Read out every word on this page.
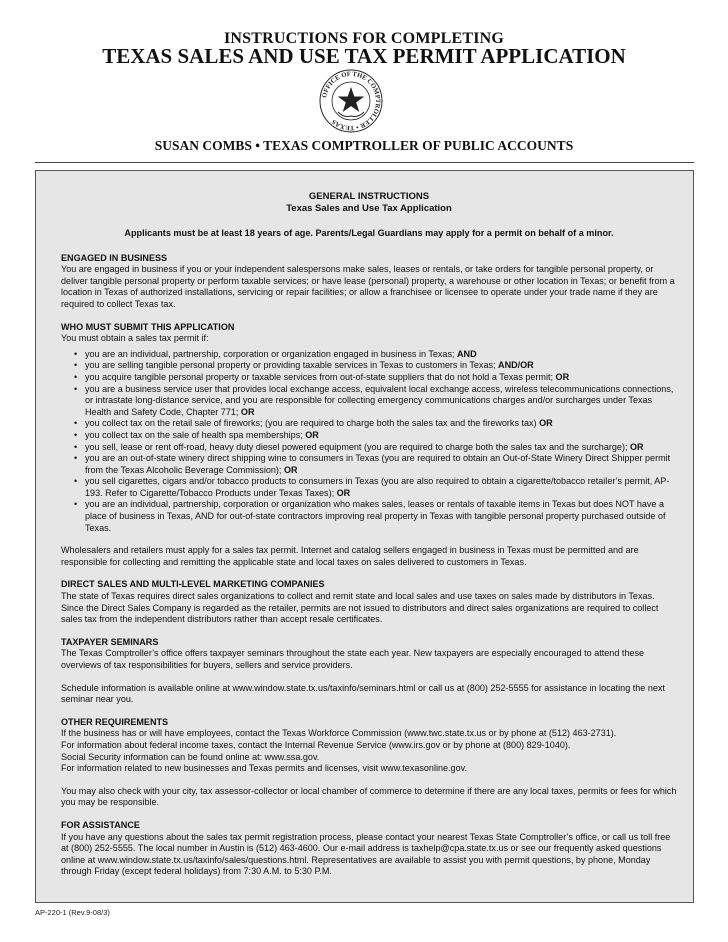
INSTRUCTIONS FOR COMPLETING
TEXAS SALES AND USE TAX PERMIT APPLICATION
OFFICE OF THE COMPTROLLER • TEXAS
SUSAN COMBS • TEXAS COMPTROLLER OF PUBLIC ACCOUNTS
GENERAL INSTRUCTIONS
Texas Sales and Use Tax Application
Applicants must be at least 18 years of age. Parents/Legal Guardians may apply for a permit on behalf of a minor.
ENGAGED IN BUSINESS

You are engaged in business if you or your independent salespersons make sales, leases or rentals, or take orders for tangible personal property, or deliver tangible personal property or perform taxable services; or have lease (personal) property, a warehouse or other location in Texas; or benefit from a location in Texas of authorized installations, servicing or repair facilities; or allow a franchisee or licensee to operate under your trade name if they are required to collect Texas tax.

WHO MUST SUBMIT THIS APPLICATION

You must obtain a sales tax permit if:

• you are an individual, partnership, corporation or organization engaged in business in Texas; AND
• you are selling tangible personal property or providing taxable services in Texas to customers in Texas; AND/OR
• you acquire tangible personal property or taxable services from out-of-state suppliers that do not hold a Texas permit; OR
• you are a business service user that provides local exchange access, equivalent local exchange access, wireless telecommunications connections, or intrastate long-distance service, and you are responsible for collecting emergency communications charges and/or surcharges under Texas Health and Safety Code, Chapter 771; OR
• you collect tax on the retail sale of fireworks; (you are required to charge both the sales tax and the fireworks tax) OR
• you collect tax on the sale of health spa memberships; OR
• you sell, lease or rent off-road, heavy duty diesel powered equipment (you are required to charge both the sales tax and the surcharge); OR
• you are an out-of-state winery direct shipping wine to consumers in Texas (you are required to obtain an Out-of-State Winery Direct Shipper permit from the Texas Alcoholic Beverage Commission); OR
• you sell cigarettes, cigars and/or tobacco products to consumers in Texas (you are also required to obtain a cigarette/tobacco retailer’s permit, AP-193. Refer to Cigarette/Tobacco Products under Texas Taxes); OR
• you are an individual, partnership, corporation or organization who makes sales, leases or rentals of taxable items in Texas but does NOT have a place of business in Texas, AND for out-of-state contractors improving real property in Texas with tangible personal property purchased outside of Texas.

Wholesalers and retailers must apply for a sales tax permit. Internet and catalog sellers engaged in business in Texas must be permitted and are responsible for collecting and remitting the applicable state and local taxes on sales delivered to customers in Texas.

DIRECT SALES AND MULTI-LEVEL MARKETING COMPANIES

The state of Texas requires direct sales organizations to collect and remit state and local sales and use taxes on sales made by distributors in Texas. Since the Direct Sales Company is regarded as the retailer, permits are not issued to distributors and direct sales organizations are required to collect sales tax from the independent distributors rather than accept resale certificates.

TAXPAYER SEMINARS

The Texas Comptroller’s office offers taxpayer seminars throughout the state each year. New taxpayers are especially encouraged to attend these overviews of tax responsibilities for buyers, sellers and service providers.

Schedule information is available online at www.window.state.tx.us/taxinfo/seminars.html or call us at (800) 252-5555 for assistance in locating the next seminar near you.

OTHER REQUIREMENTS

If the business has or will have employees, contact the Texas Workforce Commission (www.twc.state.tx.us or by phone at (512) 463-2731).

For information about federal income taxes, contact the Internal Revenue Service (www.irs.gov or by phone at (800) 829-1040).

Social Security information can be found online at: www.ssa.gov.

For information related to new businesses and Texas permits and licenses, visit www.texasonline.gov.

You may also check with your city, tax assessor-collector or local chamber of commerce to determine if there are any local taxes, permits or fees for which you may be responsible.

FOR ASSISTANCE

If you have any questions about the sales tax permit registration process, please contact your nearest Texas State Comptroller’s office, or call us toll free at (800) 252-5555. The local number in Austin is (512) 463-4600. Our e-mail address is taxhelp@cpa.state.tx.us or see our frequently asked questions online at www.window.state.tx.us/taxinfo/sales/questions.html. Representatives are available to assist you with permit questions, by phone, Monday through Friday (except federal holidays) from 7:30 A.M. to 5:30 P.M.

AP-220-1 (Rev.9-08/3)
